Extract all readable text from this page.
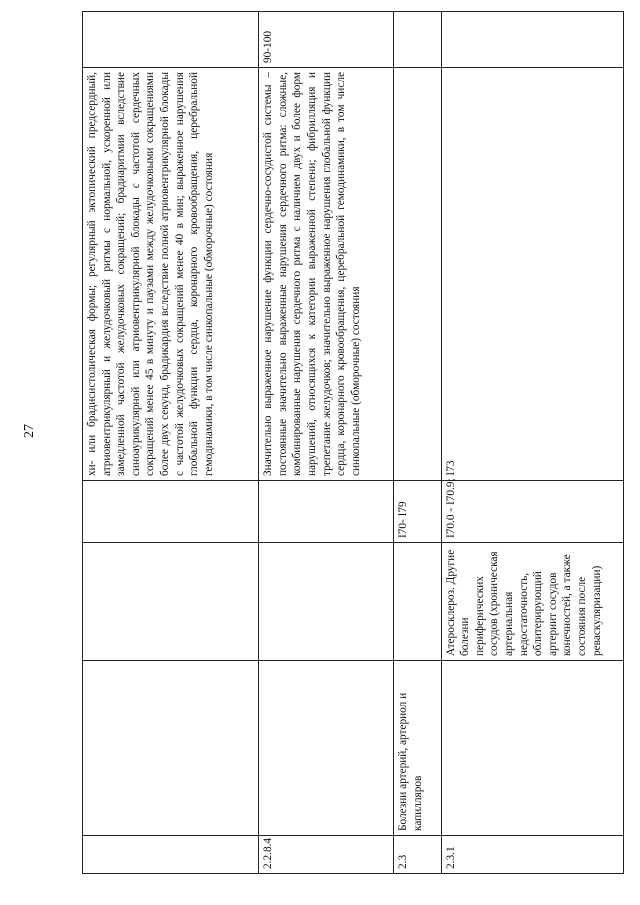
27
					хи- или брадисистолическая формы; регулярный эктопический предсердный, атриовентрикулярный и желудочковый ритмы с нормальной, ускоренной или замедленной частотой желудочковых сокращений; брадиаритмии вследствие синоаурикулярной или атриовентрикулярной блокады с частотой сердечных сокращений менее 45 в минуту и паузами между желудочковыми сокращениями более двух секунд, брадикардия вследствие полной атриовентрикулярной блокады с частотой желудочковых сокращений менее 40 в мин; выраженное нарушения глобальной функции сердца, коронарного кровообращения, церебральной гемодинамики, в том числе синкопальные (обморочные) состояния	
2.2.8.4				Значительно выраженное нарушение функции сердечно-сосудистой системы – постоянные значительно выраженные нарушения сердечного ритма: сложные, комбинированные нарушения сердечного ритма с наличием двух и более форм нарушений, относящихся к категории выраженной степени; фибрилляция и трепетание желудочков; значительно выраженное нарушения глобальной функции сердца, коронарного кровообращения, церебральной гемодинамики, в том числе синкопальные (обморочные) состояния	90-100
2.3	Болезни артерий, артериол и капилляров		I70- I79		
2.3.1		Атеросклероз. Другие болезни периферических сосудов (хроническая артериальная недостаточность, облитерирующий артериит сосудов конечностей, а также состояния после реваскуляризации)	I70.0 - I70.9; I73		
